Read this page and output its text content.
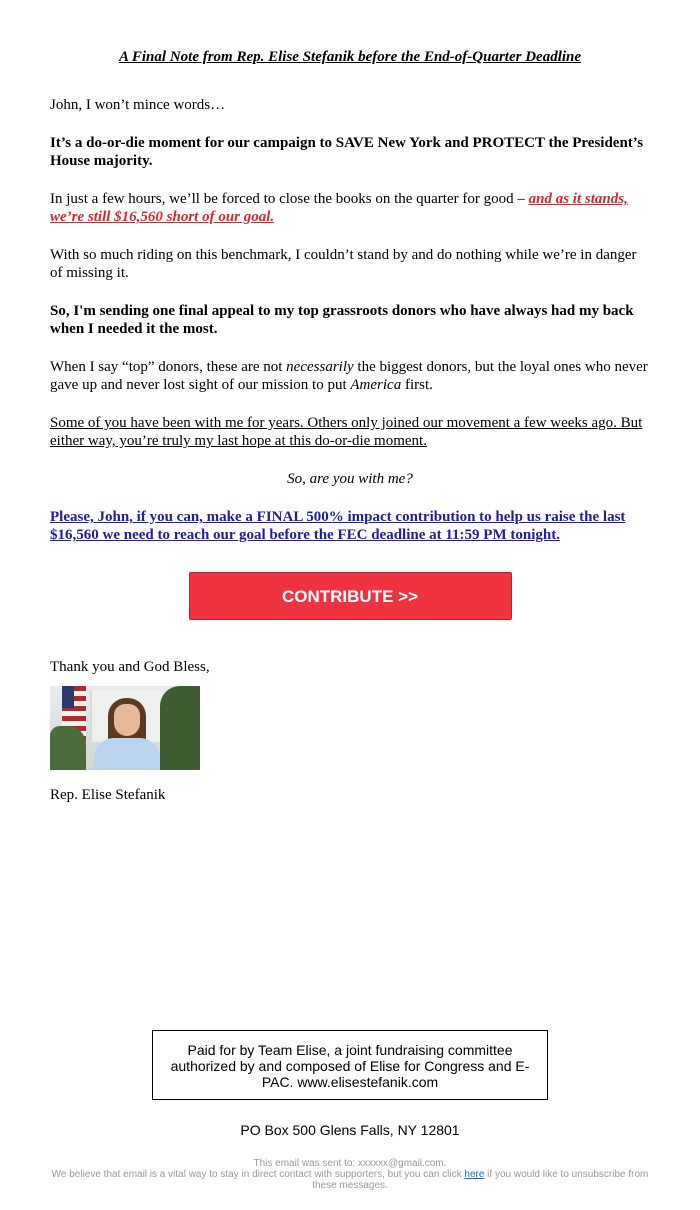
A Final Note from Rep. Elise Stefanik before the End-of-Quarter Deadline

John, I won’t mince words…

It’s a do-or-die moment for our campaign to SAVE New York and PROTECT the President’s House majority.

In just a few hours, we’ll be forced to close the books on the quarter for good – and as it stands, we’re still $16,560 short of our goal.

With so much riding on this benchmark, I couldn’t stand by and do nothing while we’re in danger of missing it.

So, I'm sending one final appeal to my top grassroots donors who have always had my back when I needed it the most.

When I say “top” donors, these are not necessarily the biggest donors, but the loyal ones who never gave up and never lost sight of our mission to put America first.

Some of you have been with me for years. Others only joined our movement a few weeks ago. But either way, you’re truly my last hope at this do-or-die moment.

So, are you with me?

Please, John, if you can, make a FINAL 500% impact contribution to help us raise the last $16,560 we need to reach our goal before the FEC deadline at 11:59 PM tonight.

CONTRIBUTE >>

Thank you and God Bless,

Rep. Elise Stefanik

Paid for by Team Elise, a joint fundraising committee authorized by and composed of Elise for Congress and E-PAC. www.elisestefanik.com
PO Box 500 Glens Falls, NY 12801
This email was sent to: xxxxxx@gmail.com.
We believe that email is a vital way to stay in direct contact with supporters, but you can click here if you would like to unsubscribe from these messages.
